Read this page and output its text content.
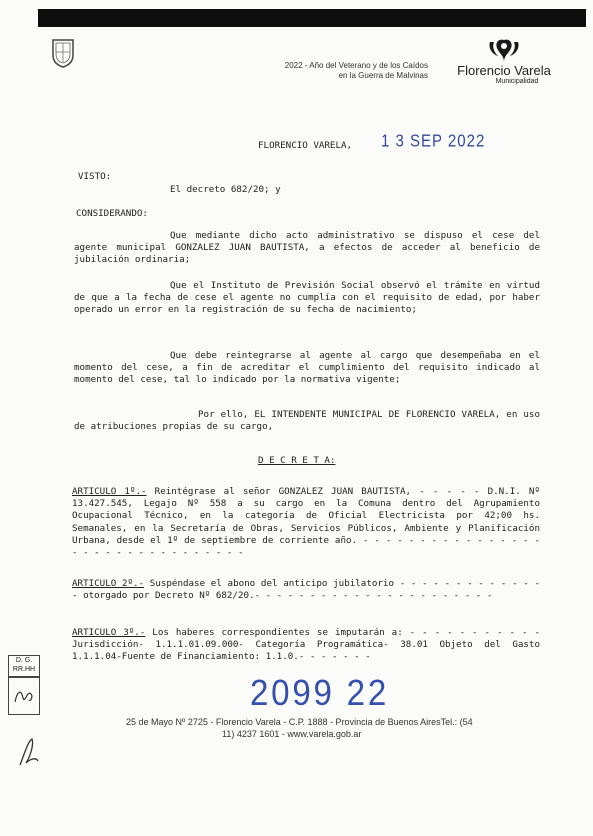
2022 - Año del Veterano y de los Caídos
en la Guerra de Malvinas	Florencio Varela
Municipalidad
FLORENCIO VARELA, 1 3 SEP 2022
VISTO:
El decreto 682/20; y
CONSIDERANDO:
Que mediante dicho acto administrativo se dispuso el cese del agente municipal GONZALEZ JUAN BAUTISTA, a efectos de acceder al beneficio de jubilación ordinaria;
Que el Instituto de Previsión Social observó el trámite en virtud de que a la fecha de cese el agente no cumplía con el requisito de edad, por haber operado un error en la registración de su fecha de nacimiento;
Que debe reintegrarse al agente al cargo que desempeñaba en el momento del cese, a fin de acreditar el cumplimiento del requisito indicado al momento del cese, tal lo indicado por la normativa vigente;
Por ello, EL INTENDENTE MUNICIPAL DE FLORENCIO VARELA, en uso de atribuciones propias de su cargo,
D E C R E T A:
ARTICULO 1º.- Reintégrase al señor GONZALEZ JUAN BAUTISTA, - - - - - D.N.I. Nº 13.427.545, Legajo Nº 558 a su cargo en la Comuna dentro del Agrupamiento Ocupacional Técnico, en la categoría de Oficial Electricista por 42;00 hs. Semanales, en la Secretaría de Obras, Servicios Públicos, Ambiente y Planificación Urbana, desde el 1º de septiembre de corriente año. - - - - - - - - - - - - - - - - - - - - - - - - - - - - - - - -
ARTICULO 2º.- Suspéndase el abono del anticipo jubilatorio - - - - - - - - - - - - - - otorgado por Decreto Nº 682/20.- - - - - - - - - - - - - - - - - - - - - -
ARTICULO 3º.- Los haberes correspondientes se imputarán a: - - - - - - - - - - - Jurisdicción- 1.1.1.01.09.000- Categoría Programática- 38.01 Objeto del Gasto 1.1.1.04-Fuente de Financiamiento: 1.1.0.- - - - - - -
D. G.
RR.HH
2099 22
25 de Mayo Nº 2725 - Florencio Varela - C.P. 1888 - Provincia de Buenos AiresTel.: (54
11) 4237 1601 - www.varela.gob.ar
